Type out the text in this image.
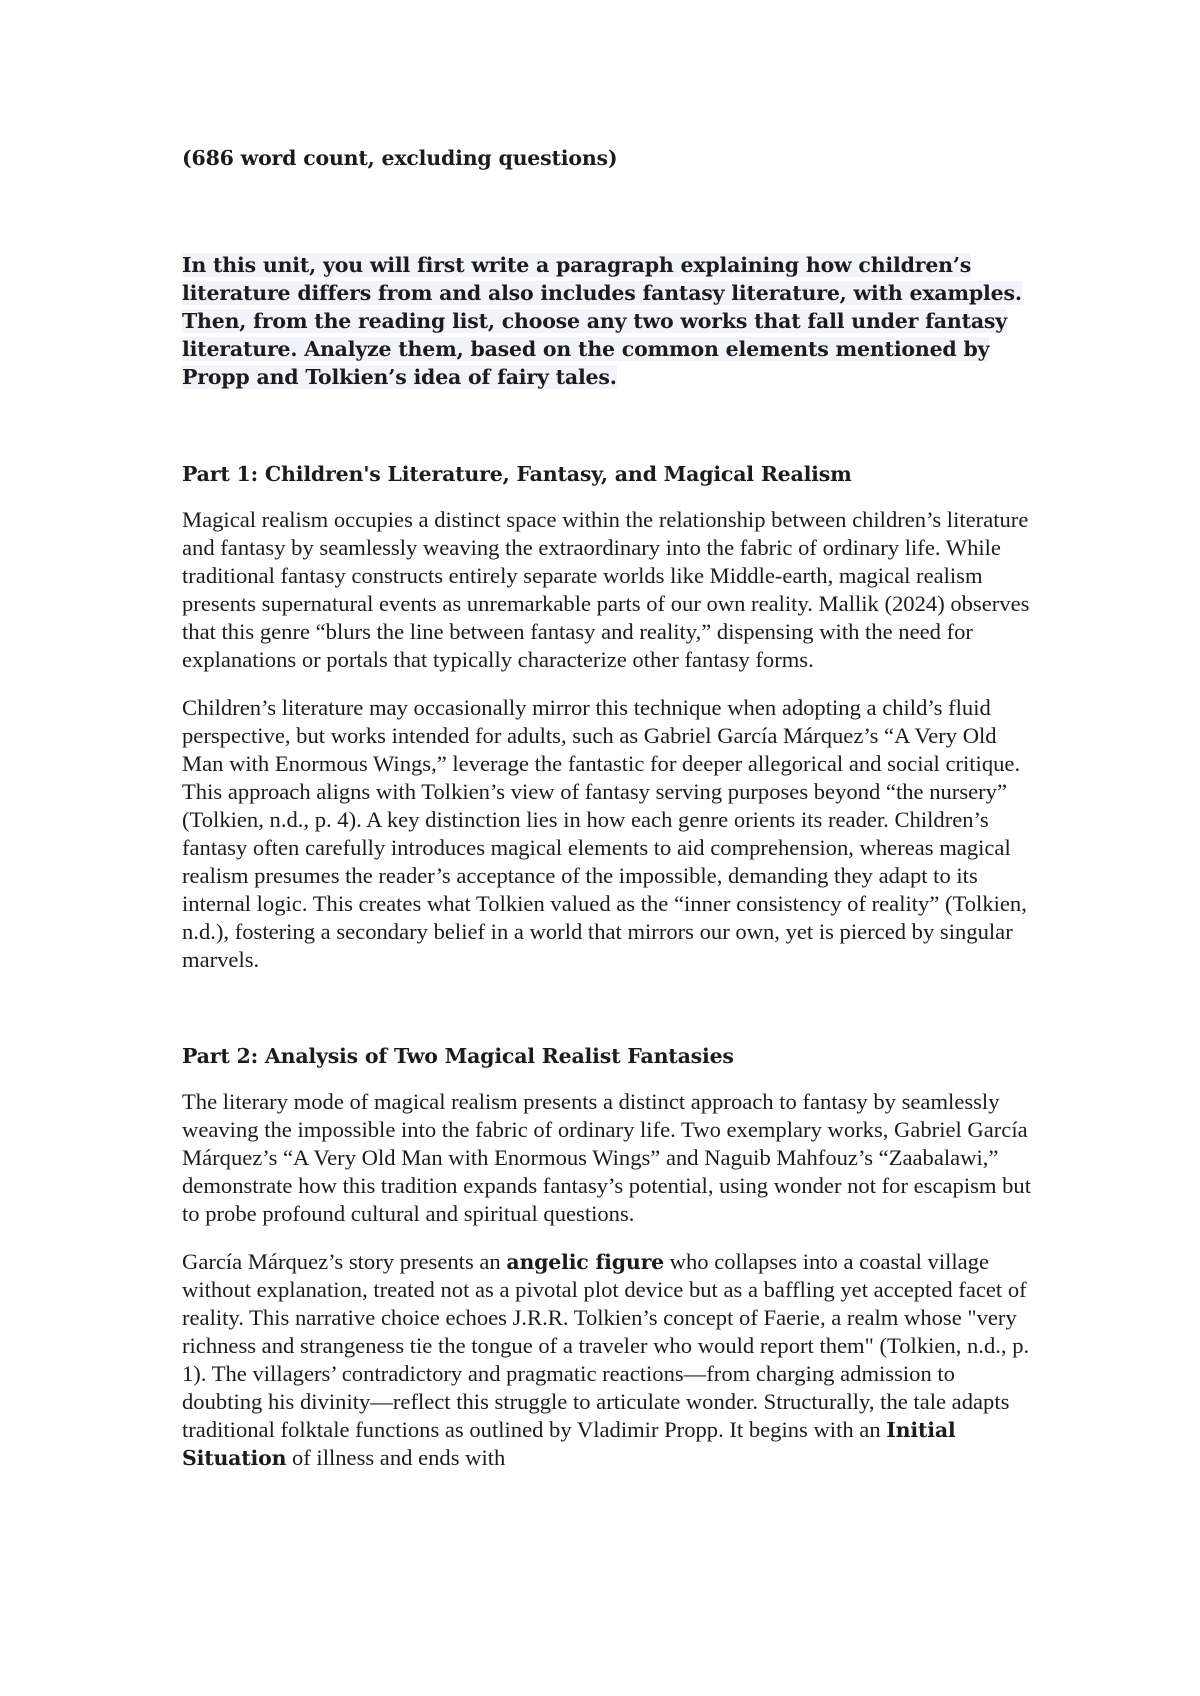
(686 word count, excluding questions)

In this unit, you will first write a paragraph explaining how children’s literature differs from and also includes fantasy literature, with examples. Then, from the reading list, choose any two works that fall under fantasy literature. Analyze them, based on the common elements mentioned by Propp and Tolkien’s idea of fairy tales.

Part 1: Children's Literature, Fantasy, and Magical Realism

Magical realism occupies a distinct space within the relationship between children’s literature and fantasy by seamlessly weaving the extraordinary into the fabric of ordinary life. While traditional fantasy constructs entirely separate worlds like Middle-earth, magical realism presents supernatural events as unremarkable parts of our own reality. Mallik (2024) observes that this genre “blurs the line between fantasy and reality,” dispensing with the need for explanations or portals that typically characterize other fantasy forms.

Children’s literature may occasionally mirror this technique when adopting a child’s fluid perspective, but works intended for adults, such as Gabriel García Márquez’s “A Very Old Man with Enormous Wings,” leverage the fantastic for deeper allegorical and social critique. This approach aligns with Tolkien’s view of fantasy serving purposes beyond “the nursery” (Tolkien, n.d., p. 4). A key distinction lies in how each genre orients its reader. Children’s fantasy often carefully introduces magical elements to aid comprehension, whereas magical realism presumes the reader’s acceptance of the impossible, demanding they adapt to its internal logic. This creates what Tolkien valued as the “inner consistency of reality” (Tolkien, n.d.), fostering a secondary belief in a world that mirrors our own, yet is pierced by singular marvels.

Part 2: Analysis of Two Magical Realist Fantasies

The literary mode of magical realism presents a distinct approach to fantasy by seamlessly weaving the impossible into the fabric of ordinary life. Two exemplary works, Gabriel García Márquez’s “A Very Old Man with Enormous Wings” and Naguib Mahfouz’s “Zaabalawi,” demonstrate how this tradition expands fantasy’s potential, using wonder not for escapism but to probe profound cultural and spiritual questions.

García Márquez’s story presents an angelic figure who collapses into a coastal village without explanation, treated not as a pivotal plot device but as a baffling yet accepted facet of reality. This narrative choice echoes J.R.R. Tolkien’s concept of Faerie, a realm whose "very richness and strangeness tie the tongue of a traveler who would report them" (Tolkien, n.d., p. 1). The villagers’ contradictory and pragmatic reactions—from charging admission to doubting his divinity—reflect this struggle to articulate wonder. Structurally, the tale adapts traditional folktale functions as outlined by Vladimir Propp. It begins with an Initial Situation of illness and ends with
